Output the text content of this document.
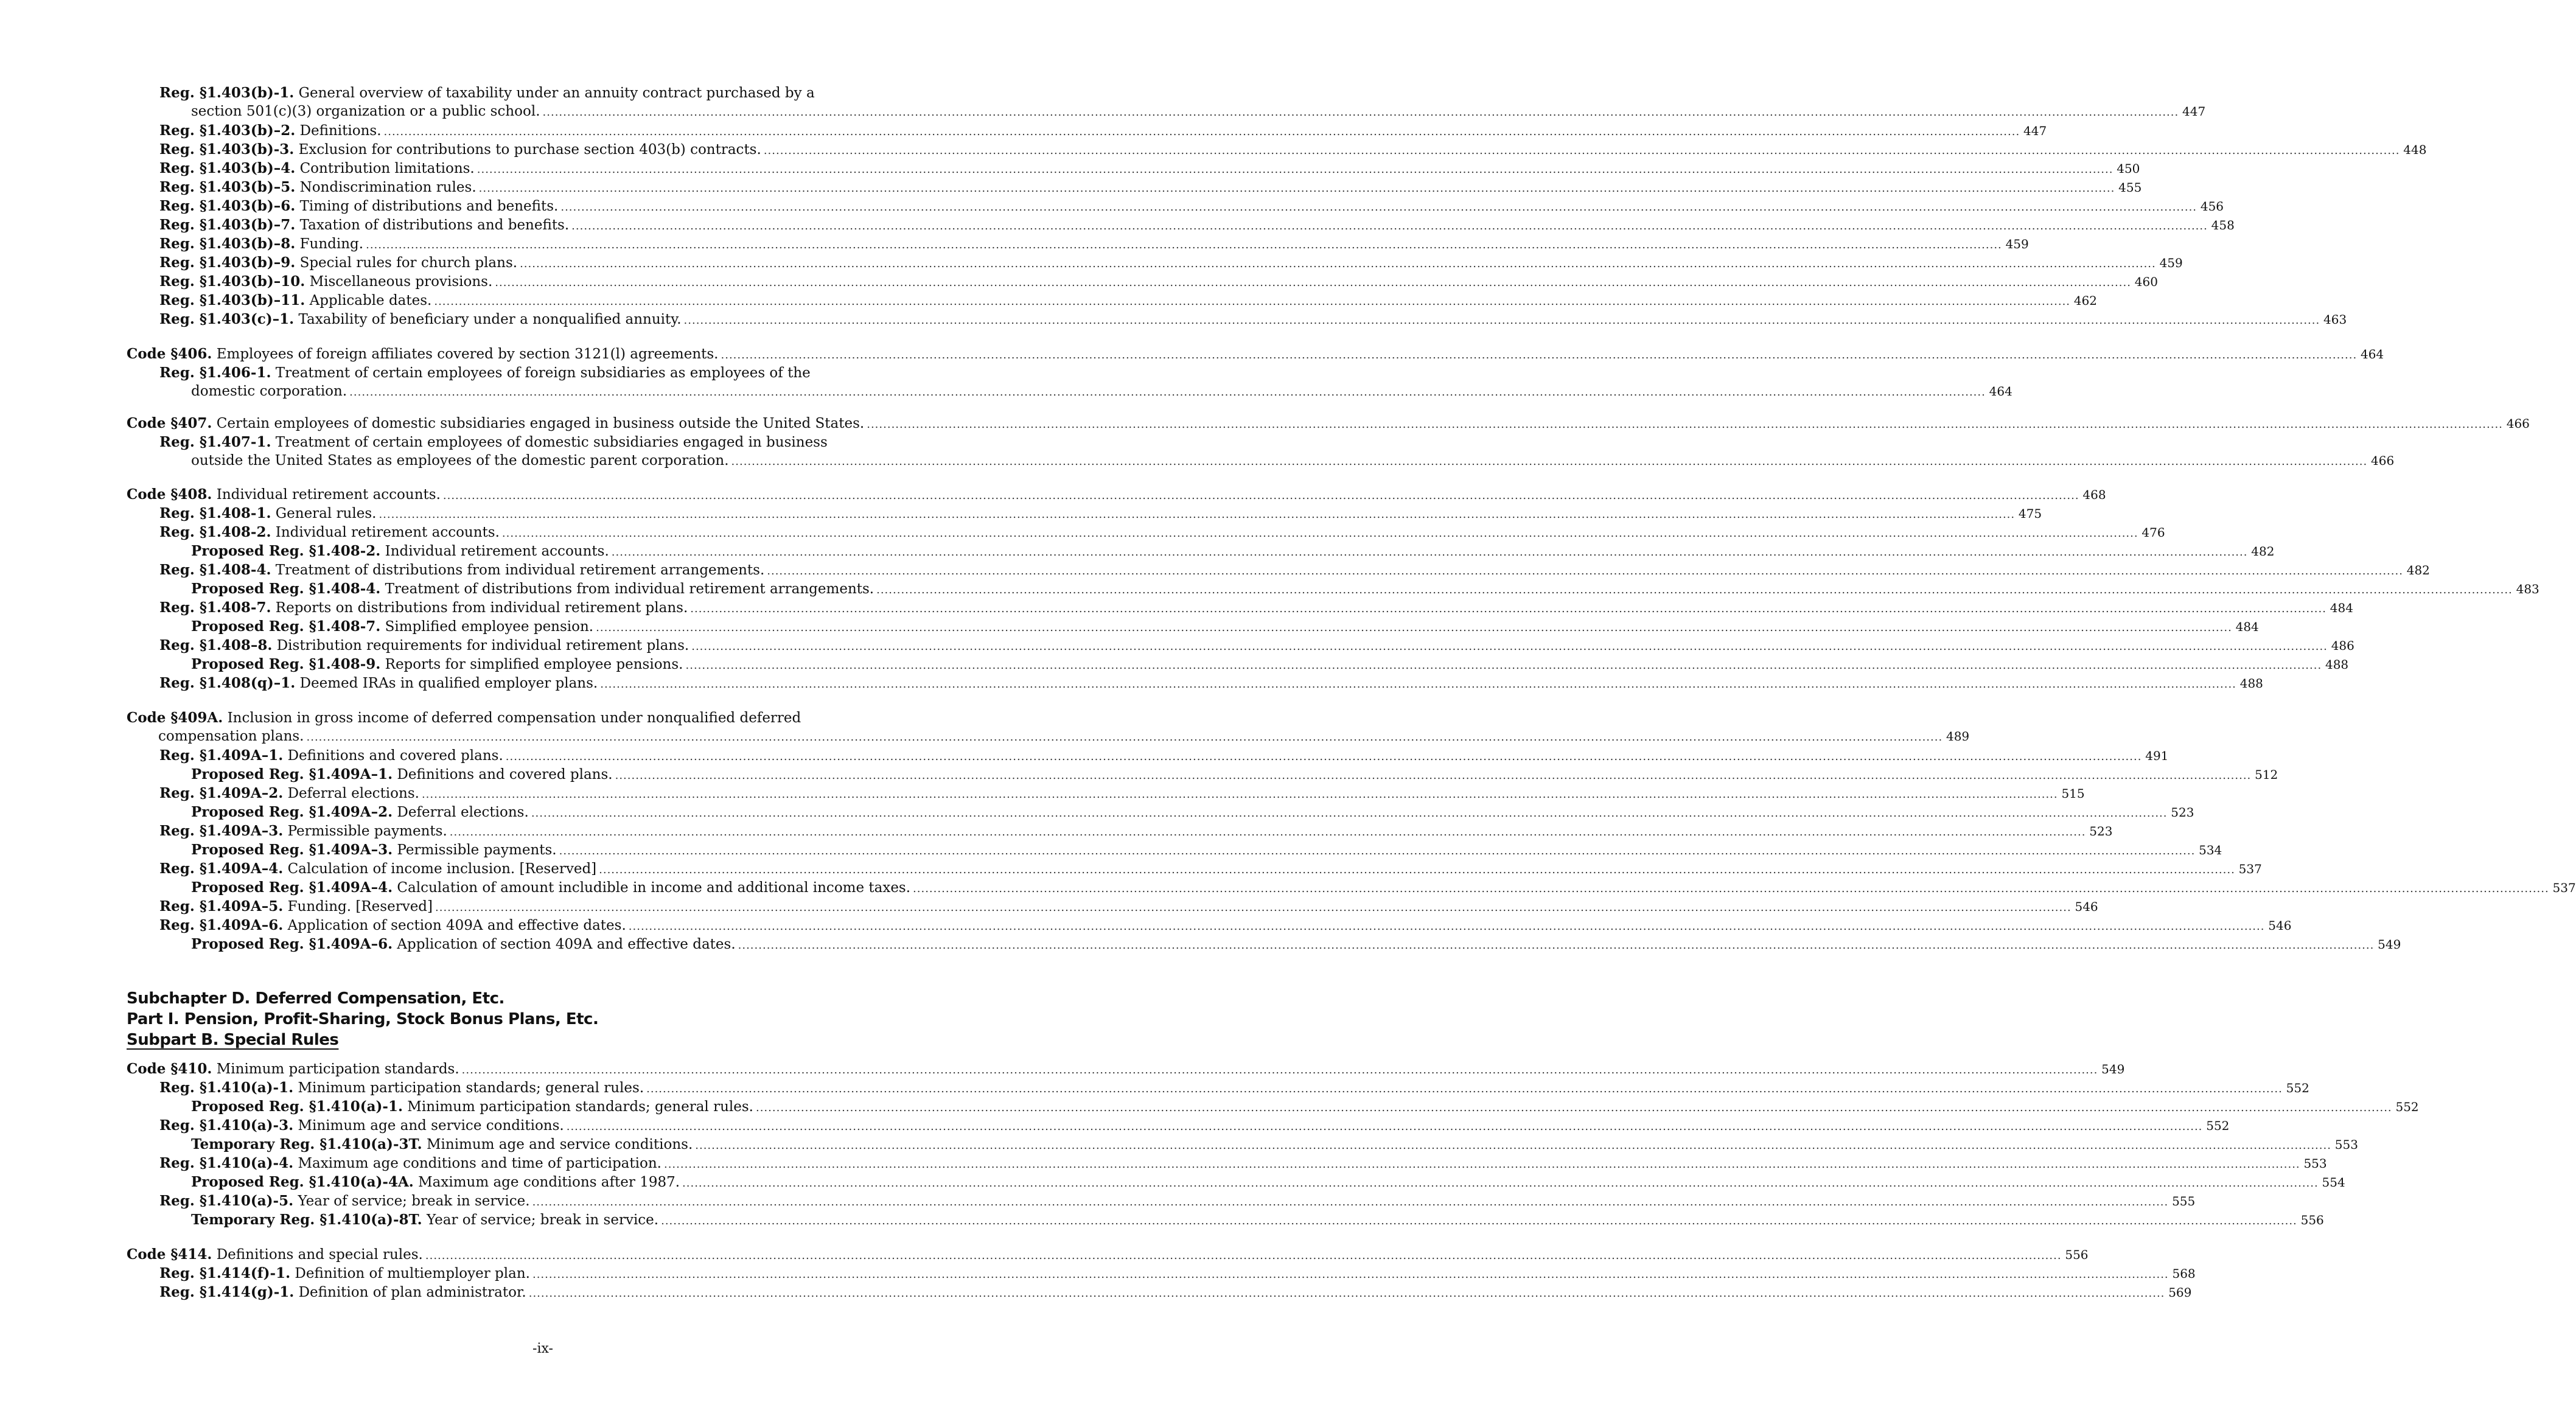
Reg. §1.403(b)-1.
General overview of taxability under an annuity contract purchased by a
section 501(c)(3) organization or a public school. ................................................................................................................................................................................................................................................................................................................................................................................................................ 447
Reg. §1.403(b)–2.
Definitions. ................................................................................................................................................................................................................................................................................................................................................................................................................ 447
Reg. §1.403(b)-3.
Exclusion for contributions to purchase section 403(b) contracts. ................................................................................................................................................................................................................................................................................................................................................................................................................ 448
Reg. §1.403(b)–4.
Contribution limitations. ................................................................................................................................................................................................................................................................................................................................................................................................................ 450
Reg. §1.403(b)–5.
Nondiscrimination rules. ................................................................................................................................................................................................................................................................................................................................................................................................................ 455
Reg. §1.403(b)–6.
Timing of distributions and benefits. ................................................................................................................................................................................................................................................................................................................................................................................................................ 456
Reg. §1.403(b)–7.
Taxation of distributions and benefits. ................................................................................................................................................................................................................................................................................................................................................................................................................ 458
Reg. §1.403(b)–8.
Funding. ................................................................................................................................................................................................................................................................................................................................................................................................................ 459
Reg. §1.403(b)–9.
Special rules for church plans. ................................................................................................................................................................................................................................................................................................................................................................................................................ 459
Reg. §1.403(b)–10.
Miscellaneous provisions. ................................................................................................................................................................................................................................................................................................................................................................................................................ 460
Reg. §1.403(b)–11.
Applicable dates. ................................................................................................................................................................................................................................................................................................................................................................................................................ 462
Reg. §1.403(c)–1.
Taxability of beneficiary under a nonqualified annuity. ................................................................................................................................................................................................................................................................................................................................................................................................................ 463
Code §406.
Employees of foreign affiliates covered by section 3121(l) agreements. ................................................................................................................................................................................................................................................................................................................................................................................................................ 464
Reg. §1.406-1.
Treatment of certain employees of foreign subsidiaries as employees of the
domestic corporation. ................................................................................................................................................................................................................................................................................................................................................................................................................ 464
Code §407.
Certain employees of domestic subsidiaries engaged in business outside the United States. ................................................................................................................................................................................................................................................................................................................................................................................................................ 466
Reg. §1.407-1.
Treatment of certain employees of domestic subsidiaries engaged in business
outside the United States as employees of the domestic parent corporation. ................................................................................................................................................................................................................................................................................................................................................................................................................ 466
Code §408.
Individual retirement accounts. ................................................................................................................................................................................................................................................................................................................................................................................................................ 468
Reg. §1.408-1.
General rules. ................................................................................................................................................................................................................................................................................................................................................................................................................ 475
Reg. §1.408-2.
Individual retirement accounts. ................................................................................................................................................................................................................................................................................................................................................................................................................ 476
Proposed Reg. §1.408-2.
Individual retirement accounts. ................................................................................................................................................................................................................................................................................................................................................................................................................ 482
Reg. §1.408-4.
Treatment of distributions from individual retirement arrangements. ................................................................................................................................................................................................................................................................................................................................................................................................................ 482
Proposed Reg. §1.408-4.
Treatment of distributions from individual retirement arrangements. ................................................................................................................................................................................................................................................................................................................................................................................................................ 483
Reg. §1.408-7.
Reports on distributions from individual retirement plans. ................................................................................................................................................................................................................................................................................................................................................................................................................ 484
Proposed Reg. §1.408-7.
Simplified employee pension. ................................................................................................................................................................................................................................................................................................................................................................................................................ 484
Reg. §1.408–8.
Distribution requirements for individual retirement plans. ................................................................................................................................................................................................................................................................................................................................................................................................................ 486
Proposed Reg. §1.408-9.
Reports for simplified employee pensions. ................................................................................................................................................................................................................................................................................................................................................................................................................ 488
Reg. §1.408(q)–1.
Deemed IRAs in qualified employer plans. ................................................................................................................................................................................................................................................................................................................................................................................................................ 488
Code §409A.
Inclusion in gross income of deferred compensation under nonqualified deferred
compensation plans. ................................................................................................................................................................................................................................................................................................................................................................................................................ 489
Reg. §1.409A–1.
Definitions and covered plans. ................................................................................................................................................................................................................................................................................................................................................................................................................ 491
Proposed Reg. §1.409A–1.
Definitions and covered plans. ................................................................................................................................................................................................................................................................................................................................................................................................................ 512
Reg. §1.409A–2.
Deferral elections. ................................................................................................................................................................................................................................................................................................................................................................................................................ 515
Proposed Reg. §1.409A–2.
Deferral elections. ................................................................................................................................................................................................................................................................................................................................................................................................................ 523
Reg. §1.409A–3.
Permissible payments. ................................................................................................................................................................................................................................................................................................................................................................................................................ 523
Proposed Reg. §1.409A–3.
Permissible payments. ................................................................................................................................................................................................................................................................................................................................................................................................................ 534
Reg. §1.409A–4.
Calculation of income inclusion. [Reserved] ................................................................................................................................................................................................................................................................................................................................................................................................................ 537
Proposed Reg. §1.409A–4.
Calculation of amount includible in income and additional income taxes. ................................................................................................................................................................................................................................................................................................................................................................................................................ 537
Reg. §1.409A–5.
Funding. [Reserved] ................................................................................................................................................................................................................................................................................................................................................................................................................ 546
Reg. §1.409A–6.
Application of section 409A and effective dates. ................................................................................................................................................................................................................................................................................................................................................................................................................ 546
Proposed Reg. §1.409A–6.
Application of section 409A and effective dates. ................................................................................................................................................................................................................................................................................................................................................................................................................ 549
Code §410.
Minimum participation standards. ................................................................................................................................................................................................................................................................................................................................................................................................................ 549
Reg. §1.410(a)-1.
Minimum participation standards; general rules. ................................................................................................................................................................................................................................................................................................................................................................................................................ 552
Proposed Reg. §1.410(a)-1.
Minimum participation standards; general rules. ................................................................................................................................................................................................................................................................................................................................................................................................................ 552
Reg. §1.410(a)-3.
Minimum age and service conditions. ................................................................................................................................................................................................................................................................................................................................................................................................................ 552
Temporary Reg. §1.410(a)-3T.
Minimum age and service conditions. ................................................................................................................................................................................................................................................................................................................................................................................................................ 553
Reg. §1.410(a)-4.
Maximum age conditions and time of participation. ................................................................................................................................................................................................................................................................................................................................................................................................................ 553
Proposed Reg. §1.410(a)-4A.
Maximum age conditions after 1987. ................................................................................................................................................................................................................................................................................................................................................................................................................ 554
Reg. §1.410(a)-5.
Year of service; break in service. ................................................................................................................................................................................................................................................................................................................................................................................................................ 555
Temporary Reg. §1.410(a)-8T.
Year of service; break in service. ................................................................................................................................................................................................................................................................................................................................................................................................................ 556
Code §414.
Definitions and special rules. ................................................................................................................................................................................................................................................................................................................................................................................................................ 556
Reg. §1.414(f)-1.
Definition of multiemployer plan. ................................................................................................................................................................................................................................................................................................................................................................................................................ 568
Reg. §1.414(g)-1.
Definition of plan administrator. ................................................................................................................................................................................................................................................................................................................................................................................................................ 569
Subchapter D. Deferred Compensation, Etc.
Part I. Pension, Profit-Sharing, Stock Bonus Plans, Etc.
Subpart B. Special Rules
-ix-
